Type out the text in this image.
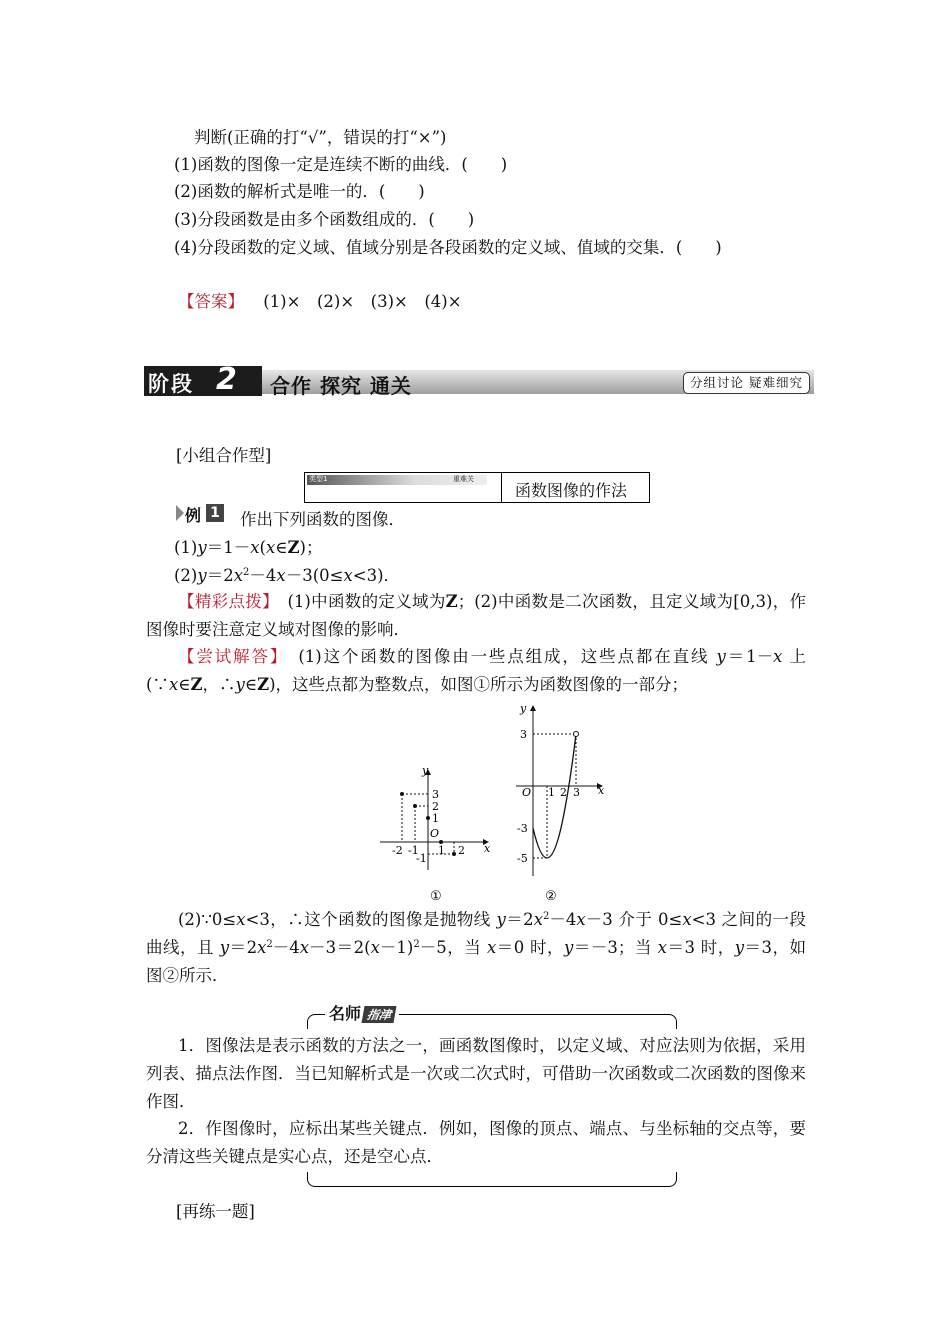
判断(正确的打“√”，错误的打“×”)
(1)函数的图像一定是连续不断的曲线．(　　)
(2)函数的解析式是唯一的．(　　)
(3)分段函数是由多个函数组成的．(　　)
(4)分段函数的定义域、值域分别是各段函数的定义域、值域的交集．(　　)
【答案】 (1)×　(2)×　(3)×　(4)×
阶段 2 合作 探究 通关	分组讨论 疑难细究
[小组合作型]
类型1	重难关
函数图像的作法
例 1 作出下列函数的图像．
(1)y＝1－x(x∈Z)；
$(2)y=2x^2-4x-3(0\le x<3)$．
【精彩点拨】　(1)中函数的定义域为Z；(2)中函数是二次函数，且定义域为[0,3)，作图像时要注意定义域对图像的影响．
【尝试解答】　(1)这个函数的图像由一些点组成，这些点都在直线 y＝1－x 上(∵x∈Z，∴y∈Z)，这些点都为整数点，如图①所示为函数图像的一部分；
y
x
3
2
1
O
-2 -1 1 2
-1
①
y
x
3
-3
-5
O 1 2 3
②
(2)∵0≤x<3，∴这个函数的图像是抛物线 $y=2x^2-4x-3$ 介于 0≤x<3 之间的一段曲线，且 $y=2x^2-4x-3=2(x-1)^2-5$，当 x＝0 时，y＝－3；当 x＝3 时，y＝3，如图②所示．
名师 指津
1．图像法是表示函数的方法之一，画函数图像时，以定义域、对应法则为依据，采用列表、描点法作图．当已知解析式是一次或二次式时，可借助一次函数或二次函数的图像来作图．
2．作图像时，应标出某些关键点．例如，图像的顶点、端点、与坐标轴的交点等，要分清这些关键点是实心点，还是空心点．
[再练一题]
